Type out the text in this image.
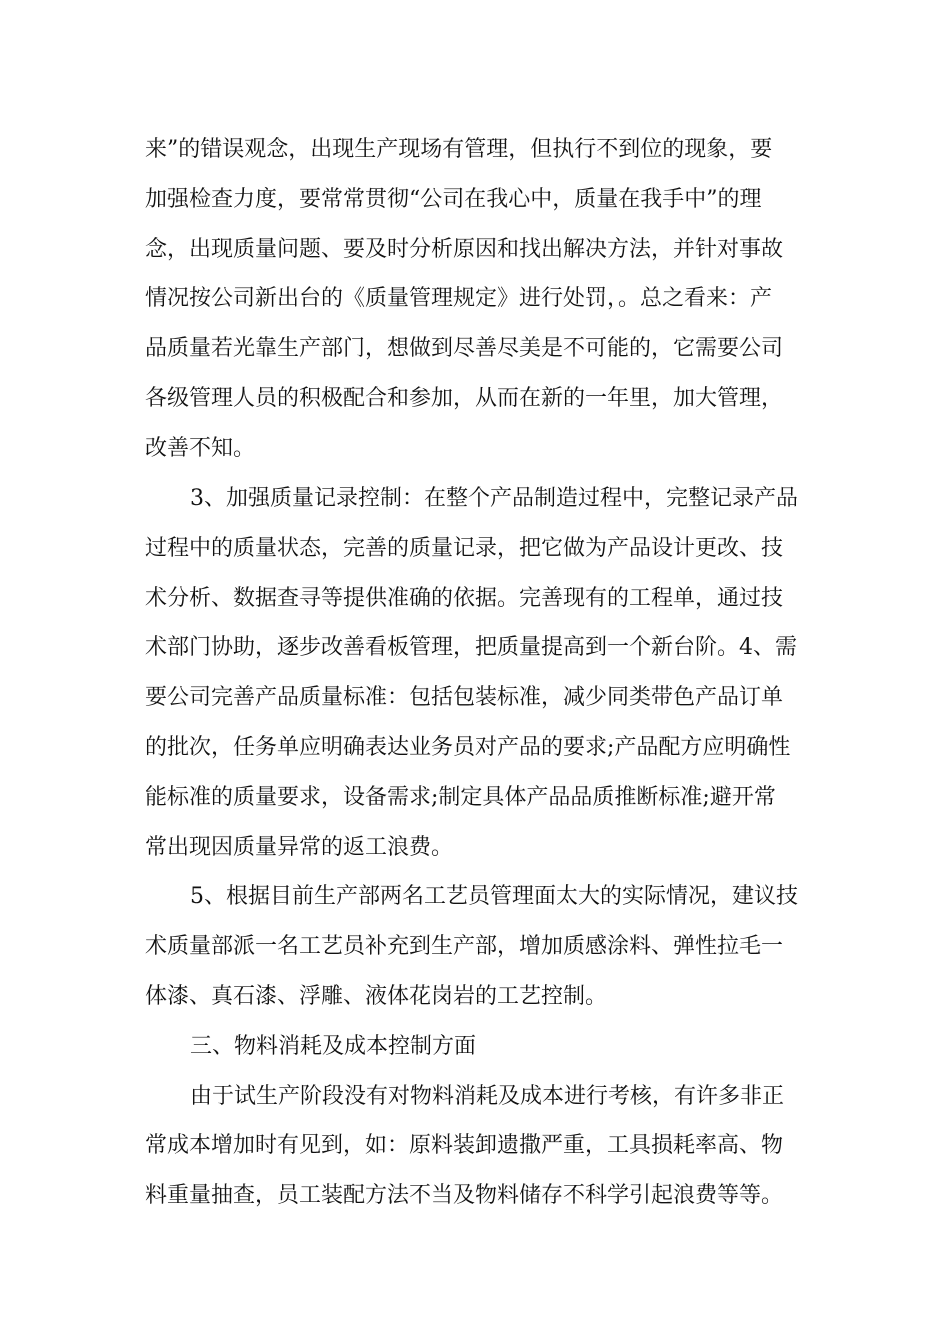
来”的错误观念，出现生产现场有管理，但执行不到位的现象，要
加强检查力度，要常常贯彻“公司在我心中，质量在我手中”的理
念，出现质量问题、要及时分析原因和找出解决方法，并针对事故
情况按公司新出台的《质量管理规定》进行处罚，。总之看来：产
品质量若光靠生产部门，想做到尽善尽美是不可能的，它需要公司
各级管理人员的积极配合和参加，从而在新的一年里，加大管理，
改善不知。
3、加强质量记录控制：在整个产品制造过程中，完整记录产品
过程中的质量状态，完善的质量记录，把它做为产品设计更改、技
术分析、数据查寻等提供准确的依据。完善现有的工程单，通过技
术部门协助，逐步改善看板管理，把质量提高到一个新台阶。4、需
要公司完善产品质量标准：包括包装标准，减少同类带色产品订单
的批次，任务单应明确表达业务员对产品的要求;产品配方应明确性
能标准的质量要求，设备需求;制定具体产品品质推断标准;避开常
常出现因质量异常的返工浪费。
5、根据目前生产部两名工艺员管理面太大的实际情况，建议技
术质量部派一名工艺员补充到生产部，增加质感涂料、弹性拉毛一
体漆、真石漆、浮雕、液体花岗岩的工艺控制。
三、物料消耗及成本控制方面
由于试生产阶段没有对物料消耗及成本进行考核，有许多非正
常成本增加时有见到，如：原料装卸遗撒严重，工具损耗率高、物
料重量抽查，员工装配方法不当及物料储存不科学引起浪费等等。
